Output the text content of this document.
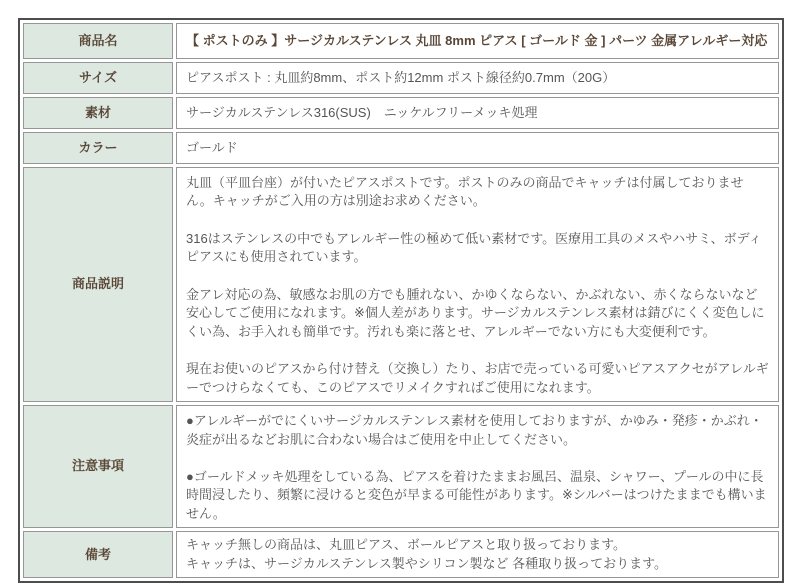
商品名	【 ポストのみ 】サージカルステンレス 丸皿 8mm ピアス [ ゴールド 金 ] パーツ 金属アレルギー対応
サイズ	ピアスポスト : 丸皿約8mm、ポスト約12mm ポスト線径約0.7mm（20G）
素材	サージカルステンレス316(SUS)　ニッケルフリーメッキ処理
カラー	ゴールド
商品説明	丸皿（平皿台座）が付いたピアスポストです。ポストのみの商品でキャッチは付属しておりません。キャッチがご入用の方は別途お求めください。
316はステンレスの中でもアレルギー性の極めて低い素材です。医療用工具のメスやハサミ、ボディピアスにも使用されています。
金アレ対応の為、敏感なお肌の方でも腫れない、かゆくならない、かぶれない、赤くならないなど安心してご使用になれます。※個人差があります。サージカルステンレス素材は錆びにくく変色しにくい為、お手入れも簡単です。汚れも楽に落とせ、アレルギーでない方にも大変便利です。
現在お使いのピアスから付け替え（交換し）たり、お店で売っている可愛いピアスアクセがアレルギーでつけらなくても、このピアスでリメイクすればご使用になれます。

注意事項	●アレルギーがでにくいサージカルステンレス素材を使用しておりますが、かゆみ・発疹・かぶれ・炎症が出るなどお肌に合わない場合はご使用を中止してください。
●ゴールドメッキ処理をしている為、ピアスを着けたままお風呂、温泉、シャワー、プールの中に長時間浸したり、頻繁に浸けると変色が早まる可能性があります。※シルバーはつけたままでも構いません。

備考	キャッチ無しの商品は、丸皿ピアス、ボールピアスと取り扱っております。
キャッチは、サージカルステンレス製やシリコン製など 各種取り扱っております。
